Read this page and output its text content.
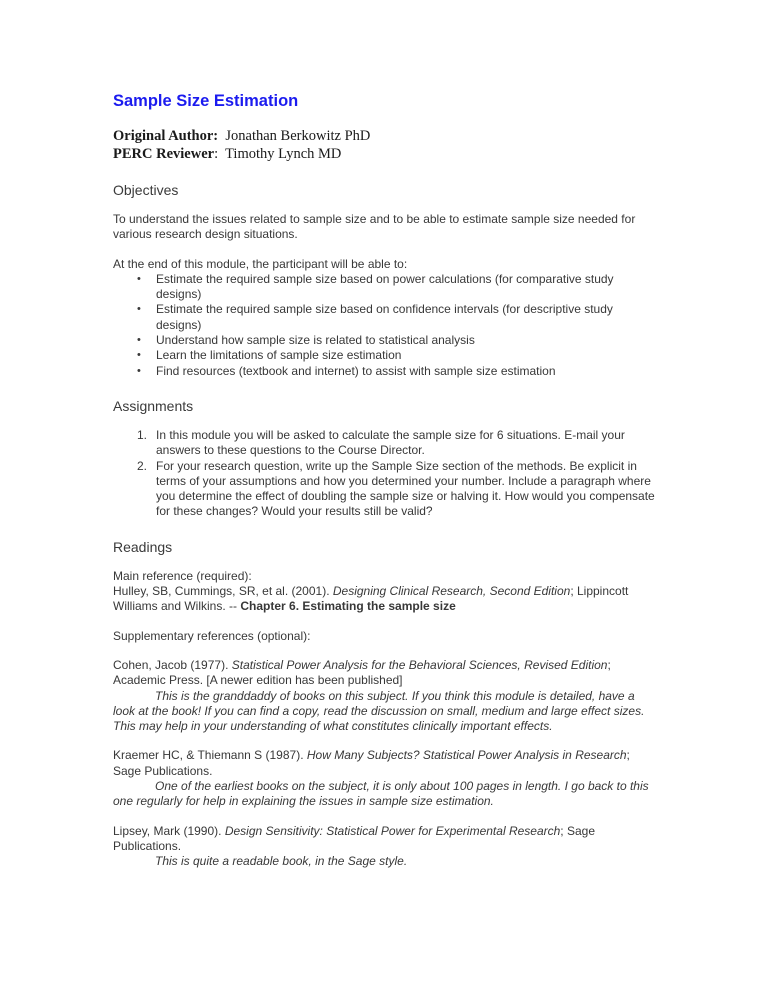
Sample Size Estimation
Original Author:  Jonathan Berkowitz PhD
PERC Reviewer:  Timothy Lynch MD
Objectives

To understand the issues related to sample size and to be able to estimate sample size needed for various research design situations.

At the end of this module, the participant will be able to:

•	Estimate the required sample size based on power calculations (for comparative study designs)
•	Estimate the required sample size based on confidence intervals (for descriptive study designs)
•	Understand how sample size is related to statistical analysis
•	Learn the limitations of sample size estimation
•	Find resources (textbook and internet) to assist with sample size estimation
Assignments
1. In this module you will be asked to calculate the sample size for 6 situations. E-mail your answers to these questions to the Course Director.
2. For your research question, write up the Sample Size section of the methods. Be explicit in terms of your assumptions and how you determined your number. Include a paragraph where you determine the effect of doubling the sample size or halving it. How would you compensate for these changes? Would your results still be valid?
Readings

Main reference (required):

Hulley, SB, Cummings, SR, et al. (2001). Designing Clinical Research, Second Edition; Lippincott Williams and Wilkins. -- Chapter 6. Estimating the sample size

Supplementary references (optional):

Cohen, Jacob (1977). Statistical Power Analysis for the Behavioral Sciences, Revised Edition; Academic Press. [A newer edition has been published]

This is the granddaddy of books on this subject. If you think this module is detailed, have a look at the book! If you can find a copy, read the discussion on small, medium and large effect sizes. This may help in your understanding of what constitutes clinically important effects.

Kraemer HC, & Thiemann S (1987). How Many Subjects? Statistical Power Analysis in Research; Sage Publications.

One of the earliest books on the subject, it is only about 100 pages in length. I go back to this one regularly for help in explaining the issues in sample size estimation.

Lipsey, Mark (1990). Design Sensitivity: Statistical Power for Experimental Research; Sage Publications.

This is quite a readable book, in the Sage style.
